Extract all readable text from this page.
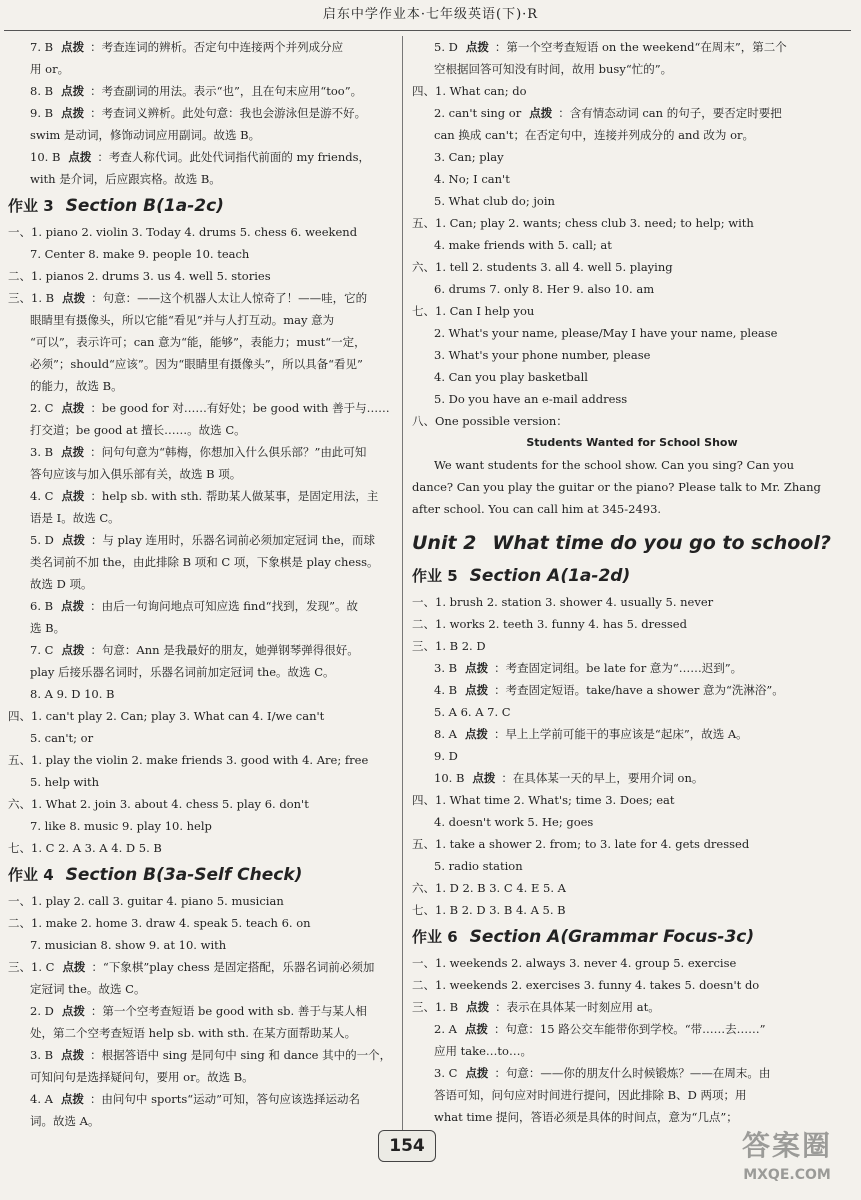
启东中学作业本·七年级英语(下)·R
7. B 点拨 ：考查连词的辨析。否定句中连接两个并列成分应
用 or。
8. B 点拨 ：考查副词的用法。表示“也”，且在句末应用“too”。
9. B 点拨 ：考查词义辨析。此处句意：我也会游泳但是游不好。
swim 是动词，修饰动词应用副词。故选 B。
10. B 点拨 ：考查人称代词。此处代词指代前面的 my friends，
with 是介词，后应跟宾格。故选 B。
作业 3 Section B(1a-2c)
一、1. piano 2. violin 3. Today 4. drums 5. chess 6. weekend
7. Center 8. make 9. people 10. teach
二、1. pianos 2. drums 3. us 4. well 5. stories
三、1. B 点拨 ：句意：——这个机器人太让人惊奇了！——哇，它的
眼睛里有摄像头，所以它能“看见”并与人打互动。may 意为
“可以”，表示许可；can 意为“能，能够”，表能力；must“一定，
必须”；should“应该”。因为“眼睛里有摄像头”，所以具备“看见”
的能力，故选 B。
2. C 点拨 ：be good for 对……有好处；be good with 善于与……
打交道；be good at 擅长……。故选 C。
3. B 点拨 ：问句句意为“韩梅，你想加入什么俱乐部？”由此可知
答句应该与加入俱乐部有关，故选 B 项。
4. C 点拨 ：help sb. with sth. 帮助某人做某事，是固定用法，主
语是 I。故选 C。
5. D 点拨 ：与 play 连用时，乐器名词前必须加定冠词 the，而球
类名词前不加 the，由此排除 B 项和 C 项，下象棋是 play chess。
故选 D 项。
6. B 点拨 ：由后一句询问地点可知应选 find“找到，发现”。故
选 B。
7. C 点拨 ：句意：Ann 是我最好的朋友，她弹钢琴弹得很好。
play 后接乐器名词时，乐器名词前加定冠词 the。故选 C。
8. A 9. D 10. B
四、1. can't play 2. Can; play 3. What can 4. I/we can't
5. can't; or
五、1. play the violin 2. make friends 3. good with 4. Are; free
5. help with
六、1. What 2. join 3. about 4. chess 5. play 6. don't
7. like 8. music 9. play 10. help
七、1. C 2. A 3. A 4. D 5. B
作业 4 Section B(3a-Self Check)
一、1. play 2. call 3. guitar 4. piano 5. musician
二、1. make 2. home 3. draw 4. speak 5. teach 6. on
7. musician 8. show 9. at 10. with
三、1. C 点拨 ：“下象棋”play chess 是固定搭配，乐器名词前必须加
定冠词 the。故选 C。
2. D 点拨 ：第一个空考查短语 be good with sb. 善于与某人相
处，第二个空考查短语 help sb. with sth. 在某方面帮助某人。
3. B 点拨 ：根据答语中 sing 是同句中 sing 和 dance 其中的一个，
可知问句是选择疑问句，要用 or。故选 B。
4. A 点拨 ：由问句中 sports“运动”可知，答句应该选择运动名
词。故选 A。
5. D 点拨 ：第一个空考查短语 on the weekend“在周末”，第二个
空根据回答可知没有时间，故用 busy“忙的”。
四、1. What can; do
2. can't sing or 点拨 ：含有情态动词 can 的句子，要否定时要把
can 换成 can't；在否定句中，连接并列成分的 and 改为 or。
3. Can; play
4. No; I can't
5. What club do; join
五、1. Can; play 2. wants; chess club 3. need; to help; with
4. make friends with 5. call; at
六、1. tell 2. students 3. all 4. well 5. playing
6. drums 7. only 8. Her 9. also 10. am
七、1. Can I help you
2. What's your name, please/May I have your name, please
3. What's your phone number, please
4. Can you play basketball
5. Do you have an e-mail address
八、One possible version：
Students Wanted for School Show
We want students for the school show. Can you sing? Can you
dance? Can you play the guitar or the piano? Please talk to Mr. Zhang
after school. You can call him at 345-2493.
Unit 2 What time do you go to school?
作业 5 Section A(1a-2d)
一、1. brush 2. station 3. shower 4. usually 5. never
二、1. works 2. teeth 3. funny 4. has 5. dressed
三、1. B 2. D
3. B 点拨 ：考查固定词组。be late for 意为“……迟到”。
4. B 点拨 ：考查固定短语。take/have a shower 意为“洗淋浴”。
5. A 6. A 7. C
8. A 点拨 ：早上上学前可能干的事应该是“起床”，故选 A。
9. D
10. B 点拨 ：在具体某一天的早上，要用介词 on。
四、1. What time 2. What's; time 3. Does; eat
4. doesn't work 5. He; goes
五、1. take a shower 2. from; to 3. late for 4. gets dressed
5. radio station
六、1. D 2. B 3. C 4. E 5. A
七、1. B 2. D 3. B 4. A 5. B
作业 6 Section A(Grammar Focus-3c)
一、1. weekends 2. always 3. never 4. group 5. exercise
二、1. weekends 2. exercises 3. funny 4. takes 5. doesn't do
三、1. B 点拨 ：表示在具体某一时刻应用 at。
2. A 点拨 ：句意：15 路公交车能带你到学校。“带……去……”
应用 take…to…。
3. C 点拨 ：句意：——你的朋友什么时候锻炼？——在周末。由
答语可知，问句应对时间进行提问，因此排除 B、D 两项；用
what time 提问，答语必须是具体的时间点，意为“几点”；
154	答案圈
MXQE.COM
